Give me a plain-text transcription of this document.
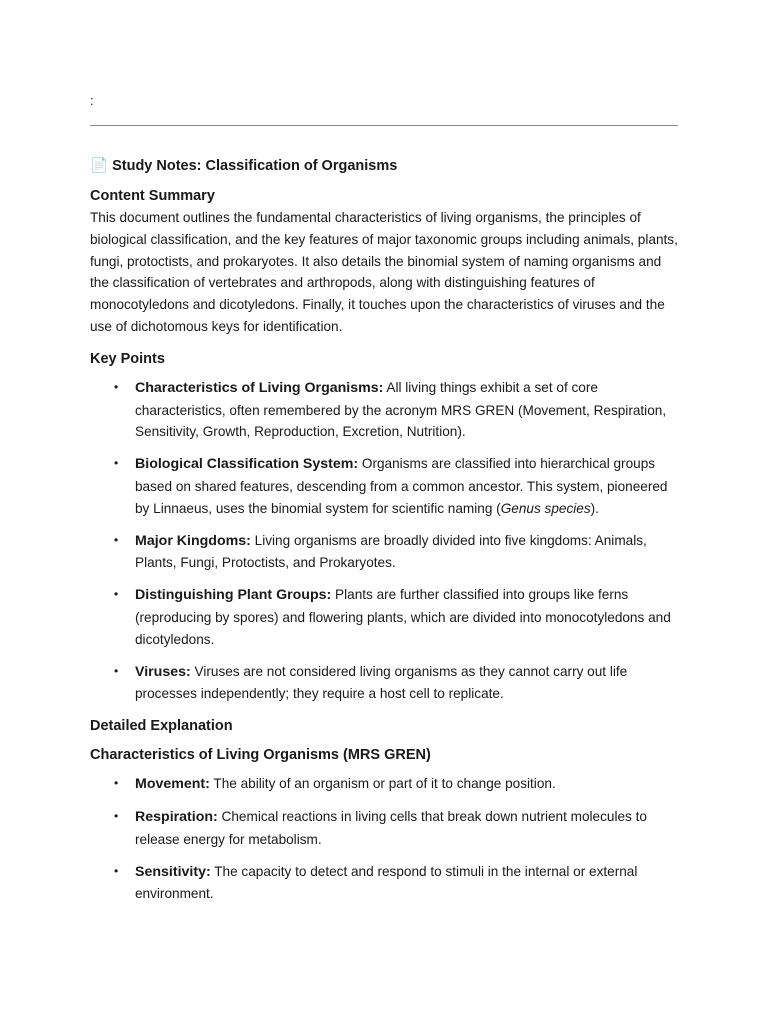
:
📄 Study Notes: Classification of Organisms
Content Summary

This document outlines the fundamental characteristics of living organisms, the principles of biological classification, and the key features of major taxonomic groups including animals, plants, fungi, protoctists, and prokaryotes. It also details the binomial system of naming organisms and the classification of vertebrates and arthropods, along with distinguishing features of monocotyledons and dicotyledons. Finally, it touches upon the characteristics of viruses and the use of dichotomous keys for identification.

Key Points
• Characteristics of Living Organisms: All living things exhibit a set of core characteristics, often remembered by the acronym MRS GREN (Movement, Respiration, Sensitivity, Growth, Reproduction, Excretion, Nutrition).
• Biological Classification System: Organisms are classified into hierarchical groups based on shared features, descending from a common ancestor. This system, pioneered by Linnaeus, uses the binomial system for scientific naming (Genus species).
• Major Kingdoms: Living organisms are broadly divided into five kingdoms: Animals, Plants, Fungi, Protoctists, and Prokaryotes.
• Distinguishing Plant Groups: Plants are further classified into groups like ferns (reproducing by spores) and flowering plants, which are divided into monocotyledons and dicotyledons.
• Viruses: Viruses are not considered living organisms as they cannot carry out life processes independently; they require a host cell to replicate.
Detailed Explanation
Characteristics of Living Organisms (MRS GREN)
• Movement: The ability of an organism or part of it to change position.
• Respiration: Chemical reactions in living cells that break down nutrient molecules to release energy for metabolism.
• Sensitivity: The capacity to detect and respond to stimuli in the internal or external environment.
